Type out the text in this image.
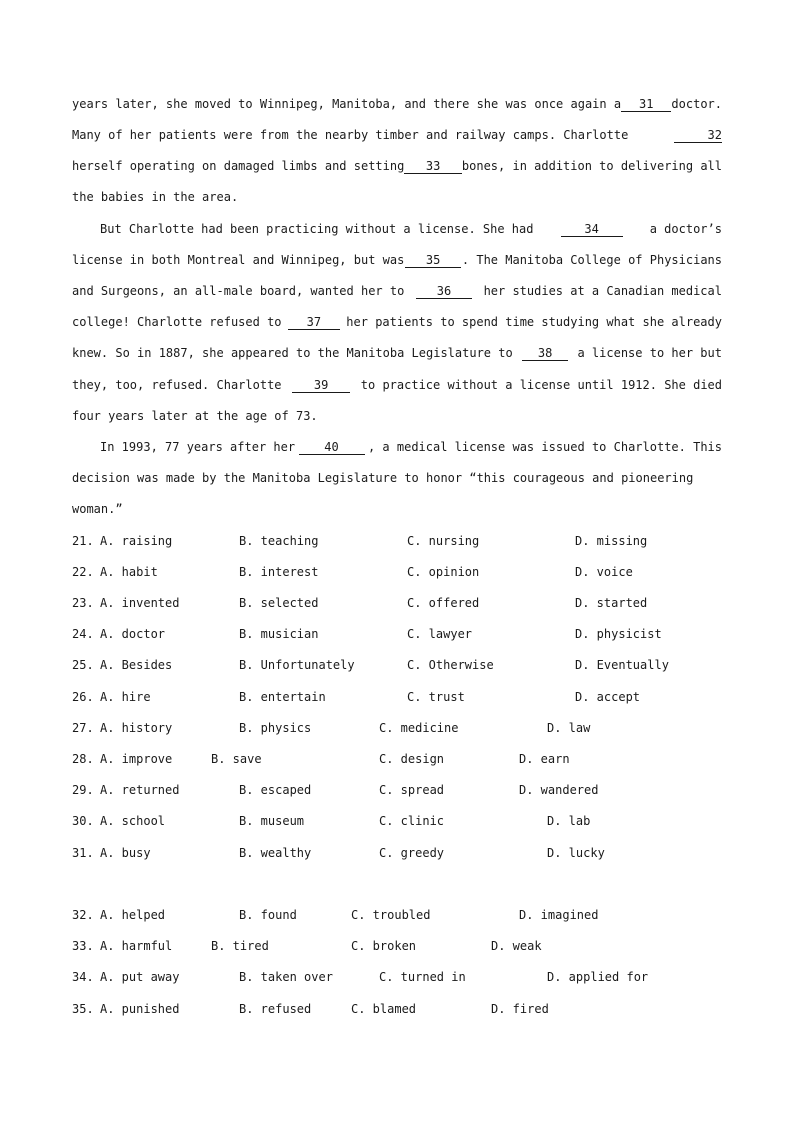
years later, she moved to Winnipeg, Manitoba, and there she was once again a	31	doctor.
Many of her patients were from the nearby timber and railway camps. Charlotte	32
herself operating on damaged limbs and setting	33	bones, in addition to delivering all
the babies in the area.
But Charlotte had been practicing without a license. She had	34	a doctor’s
license in both Montreal and Winnipeg, but was	35	. The Manitoba College of Physicians
and Surgeons, an all-male board, wanted her to	36	her studies at a Canadian medical
college! Charlotte refused to	37	her patients to spend time studying what she already
knew. So in 1887, she appeared to the Manitoba Legislature to	38	a license to her but
they, too, refused. Charlotte	39	to practice without a license until 1912. She died
four years later at the age of 73.
In 1993, 77 years after her	40	, a medical license was issued to Charlotte. This
decision was made by the Manitoba Legislature to honor “this courageous and pioneering
woman.”
21. A. raising	B. teaching	C. nursing	D. missing
22. A. habit	B. interest	C. opinion	D. voice
23. A. invented	B. selected	C. offered	D. started
24. A. doctor	B. musician	C. lawyer	D. physicist
25. A. Besides	B. Unfortunately	C. Otherwise	D. Eventually
26. A. hire	B. entertain	C. trust	D. accept
27. A. history	B. physics	C. medicine	D. law
28. A. improve	B. save	C. design	D. earn
29. A. returned	B. escaped	C. spread	D. wandered
30. A. school	B. museum	C. clinic	D. lab
31. A. busy	B. wealthy	C. greedy	D. lucky
32. A. helped	B. found	C. troubled	D. imagined
33. A. harmful	B. tired	C. broken	D. weak
34. A. put away	B. taken over	C. turned in	D. applied for
35. A. punished	B. refused	C. blamed	D. fired
